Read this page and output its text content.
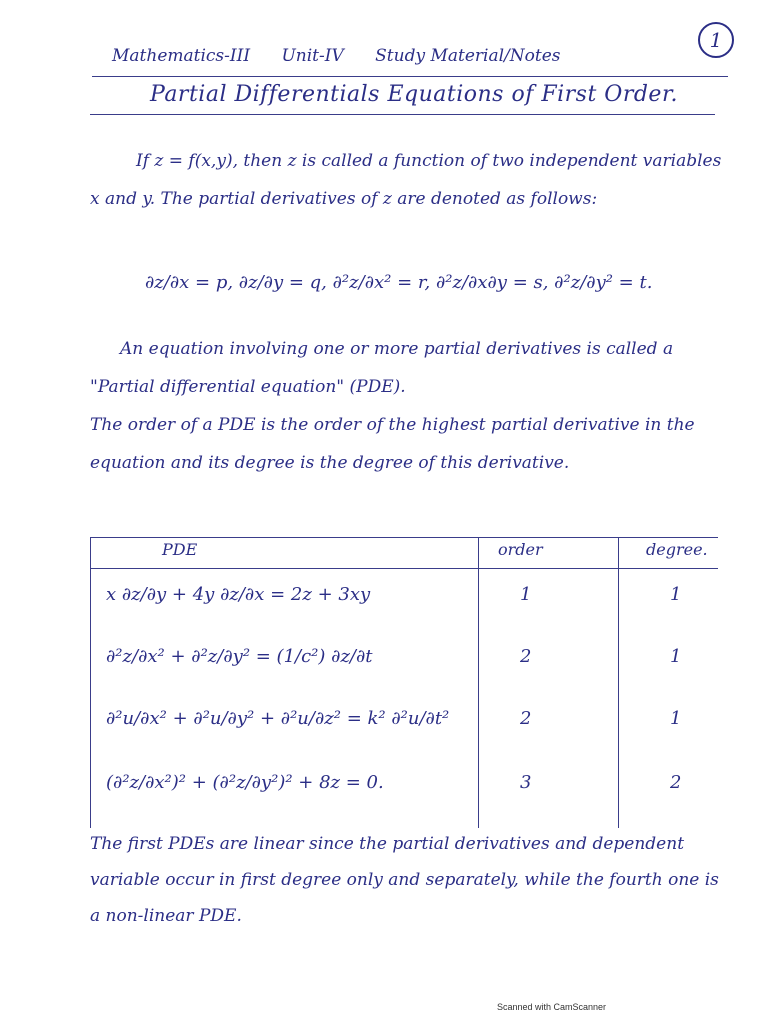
1
Mathematics-III Unit-IV Study Material/Notes
Partial Differentials Equations of First Order.
If z = f(x,y), then z is called a function of two independent variables x and y. The partial derivatives of z are denoted as follows:
∂z/∂x = p, ∂z/∂y = q, ∂²z/∂x² = r, ∂²z/∂x∂y = s, ∂²z/∂y² = t.
An equation involving one or more partial derivatives is called a "Partial differential equation" (PDE).
The order of a PDE is the order of the highest partial derivative in the equation and its degree is the degree of this derivative.
PDE	order	degree.
x ∂z/∂y + 4y ∂z/∂x = 2z + 3xy	1	1
∂²z/∂x² + ∂²z/∂y² = (1/c²) ∂z/∂t	2	1
∂²u/∂x² + ∂²u/∂y² + ∂²u/∂z² = k² ∂²u/∂t²	2	1
(∂²z/∂x²)² + (∂²z/∂y²)² + 8z = 0.	3	2
The first PDEs are linear since the partial derivatives and dependent variable occur in first degree only and separately, while the fourth one is a non-linear PDE.
Scanned with CamScanner
